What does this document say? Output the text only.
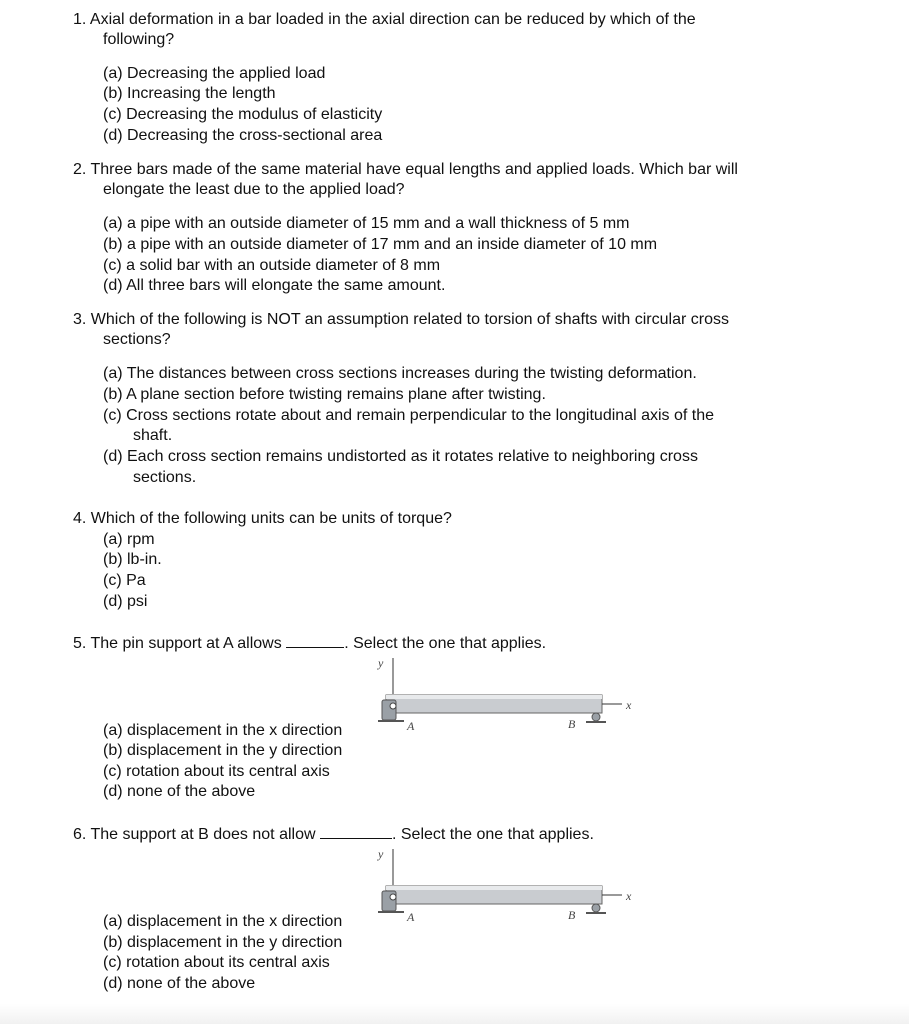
1. Axial deformation in a bar loaded in the axial direction can be reduced by which of the
following?
(a) Decreasing the applied load
(b) Increasing the length
(c) Decreasing the modulus of elasticity
(d) Decreasing the cross-sectional area
2. Three bars made of the same material have equal lengths and applied loads. Which bar will
elongate the least due to the applied load?
(a) a pipe with an outside diameter of 15 mm and a wall thickness of 5 mm
(b) a pipe with an outside diameter of 17 mm and an inside diameter of 10 mm
(c) a solid bar with an outside diameter of 8 mm
(d) All three bars will elongate the same amount.
3. Which of the following is NOT an assumption related to torsion of shafts with circular cross
sections?
(a) The distances between cross sections increases during the twisting deformation.
(b) A plane section before twisting remains plane after twisting.
(c) Cross sections rotate about and remain perpendicular to the longitudinal axis of the
shaft.
(d) Each cross section remains undistorted as it rotates relative to neighboring cross
sections.
4. Which of the following units can be units of torque?
(a) rpm
(b) lb-in.
(c) Pa
(d) psi
5. The pin support at A allows	. Select the one that applies.
(a) displacement in the x direction
(b) displacement in the y direction
(c) rotation about its central axis
(d) none of the above
y
x
A	B
6. The support at B does not allow	. Select the one that applies.
(a) displacement in the x direction
(b) displacement in the y direction
(c) rotation about its central axis
(d) none of the above
y
x
A	B
